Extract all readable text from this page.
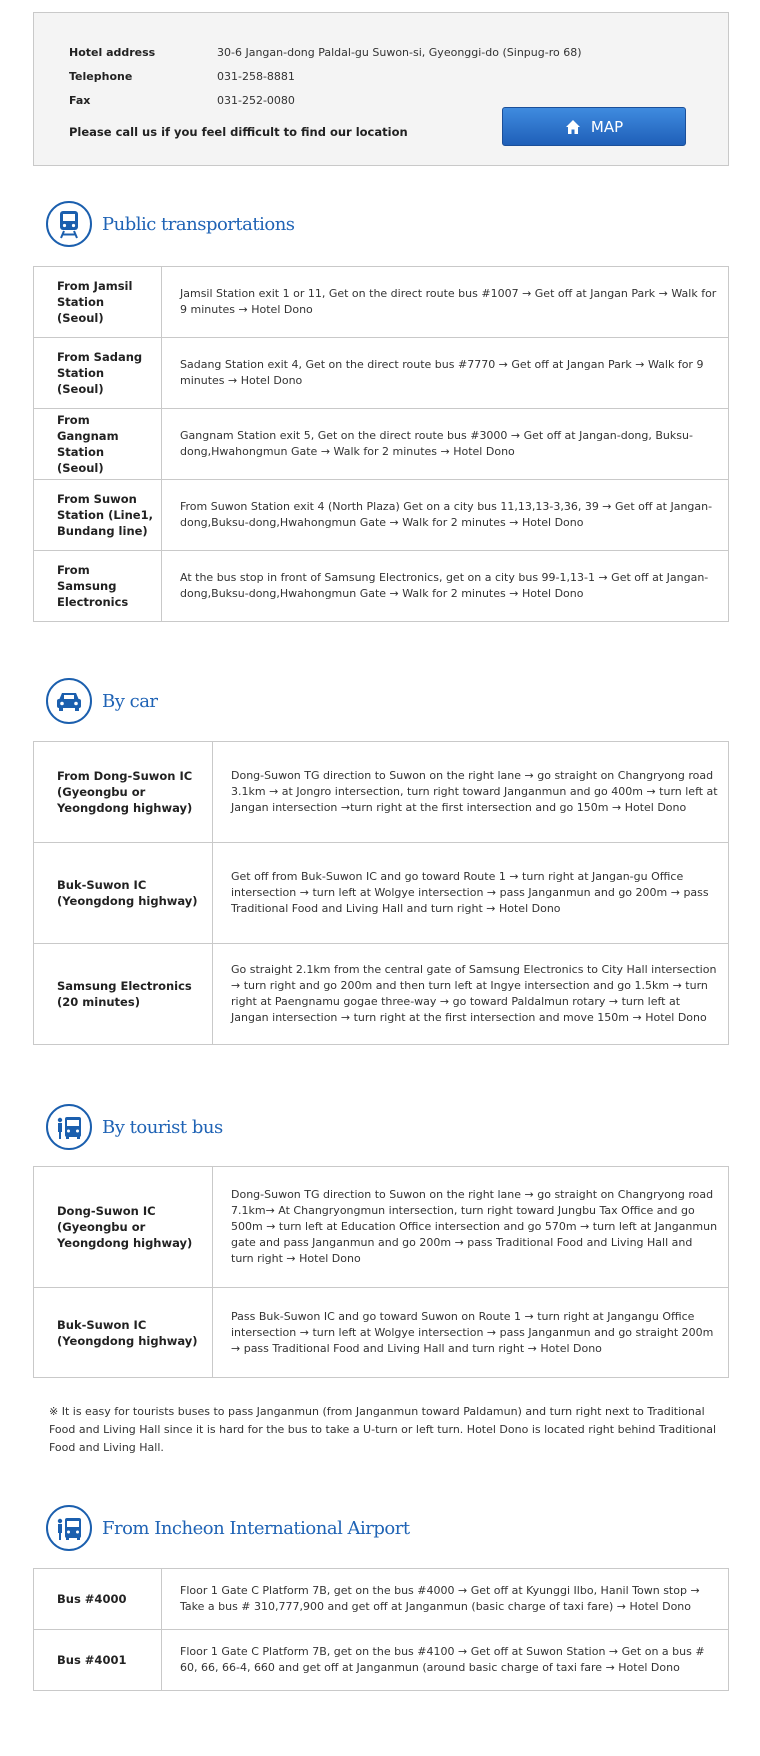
Hotel address	30-6 Jangan-dong Paldal-gu Suwon-si, Gyeonggi-do (Sinpug-ro 68)
Telephone	031-258-8881
Fax	031-252-0080
Please call us if you feel difficult to find our location	MAP
Public transportations
From Jamsil Station (Seoul)	Jamsil Station exit 1 or 11, Get on the direct route bus #1007 → Get off at Jangan Park → Walk for 9 minutes → Hotel Dono
From Sadang Station (Seoul)	Sadang Station exit 4, Get on the direct route bus #7770 → Get off at Jangan Park → Walk for 9 minutes → Hotel Dono
From Gangnam Station (Seoul)	Gangnam Station exit 5, Get on the direct route bus #3000 → Get off at Jangan-dong, Buksu-dong,Hwahongmun Gate → Walk for 2 minutes → Hotel Dono
From Suwon Station (Line1, Bundang line)	From Suwon Station exit 4 (North Plaza) Get on a city bus 11,13,13-3,36, 39 → Get off at Jangan-dong,Buksu-dong,Hwahongmun Gate → Walk for 2 minutes → Hotel Dono
From Samsung Electronics	At the bus stop in front of Samsung Electronics, get on a city bus 99-1,13-1 → Get off at Jangan-dong,Buksu-dong,Hwahongmun Gate → Walk for 2 minutes → Hotel Dono
By car
From Dong-Suwon IC (Gyeongbu or Yeongdong highway)	Dong-Suwon TG direction to Suwon on the right lane → go straight on Changryong road 3.1km → at Jongro intersection, turn right toward Janganmun and go 400m → turn left at Jangan intersection →turn right at the first intersection and go 150m → Hotel Dono
Buk-Suwon IC (Yeongdong highway)	Get off from Buk-Suwon IC and go toward Route 1 → turn right at Jangan-gu Office intersection → turn left at Wolgye intersection → pass Janganmun and go 200m → pass Traditional Food and Living Hall and turn right → Hotel Dono
Samsung Electronics (20 minutes)	Go straight 2.1km from the central gate of Samsung Electronics to City Hall intersection → turn right and go 200m and then turn left at Ingye intersection and go 1.5km → turn right at Paengnamu gogae three-way → go toward Paldalmun rotary → turn left at Jangan intersection → turn right at the first intersection and move 150m → Hotel Dono
By tourist bus
Dong-Suwon IC (Gyeongbu or Yeongdong highway)	Dong-Suwon TG direction to Suwon on the right lane → go straight on Changryong road 7.1km→ At Changryongmun intersection, turn right toward Jungbu Tax Office and go 500m → turn left at Education Office intersection and go 570m → turn left at Janganmun gate and pass Janganmun and go 200m → pass Traditional Food and Living Hall and turn right → Hotel Dono
Buk-Suwon IC (Yeongdong highway)	Pass Buk-Suwon IC and go toward Suwon on Route 1 → turn right at Jangangu Office intersection → turn left at Wolgye intersection → pass Janganmun and go straight 200m → pass Traditional Food and Living Hall and turn right → Hotel Dono
※ It is easy for tourists buses to pass Janganmun (from Janganmun toward Paldamun) and turn right next to Traditional Food and Living Hall since it is hard for the bus to take a U-turn or left turn. Hotel Dono is located right behind Traditional Food and Living Hall.
From Incheon International Airport
Bus #4000	Floor 1 Gate C Platform 7B, get on the bus #4000 → Get off at Kyunggi Ilbo, Hanil Town stop → Take a bus # 310,777,900 and get off at Janganmun (basic charge of taxi fare) → Hotel Dono
Bus #4001	Floor 1 Gate C Platform 7B, get on the bus #4100 → Get off at Suwon Station → Get on a bus # 60, 66, 66-4, 660 and get off at Janganmun (around basic charge of taxi fare → Hotel Dono
